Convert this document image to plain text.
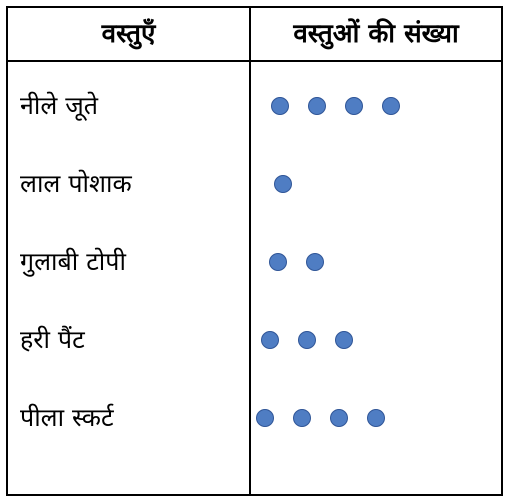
वस्तुएँ	वस्तुओं की संख्या
नीले जूते
लाल पोशाक
गुलाबी टोपी
हरी पैंट
पीला स्कर्ट
